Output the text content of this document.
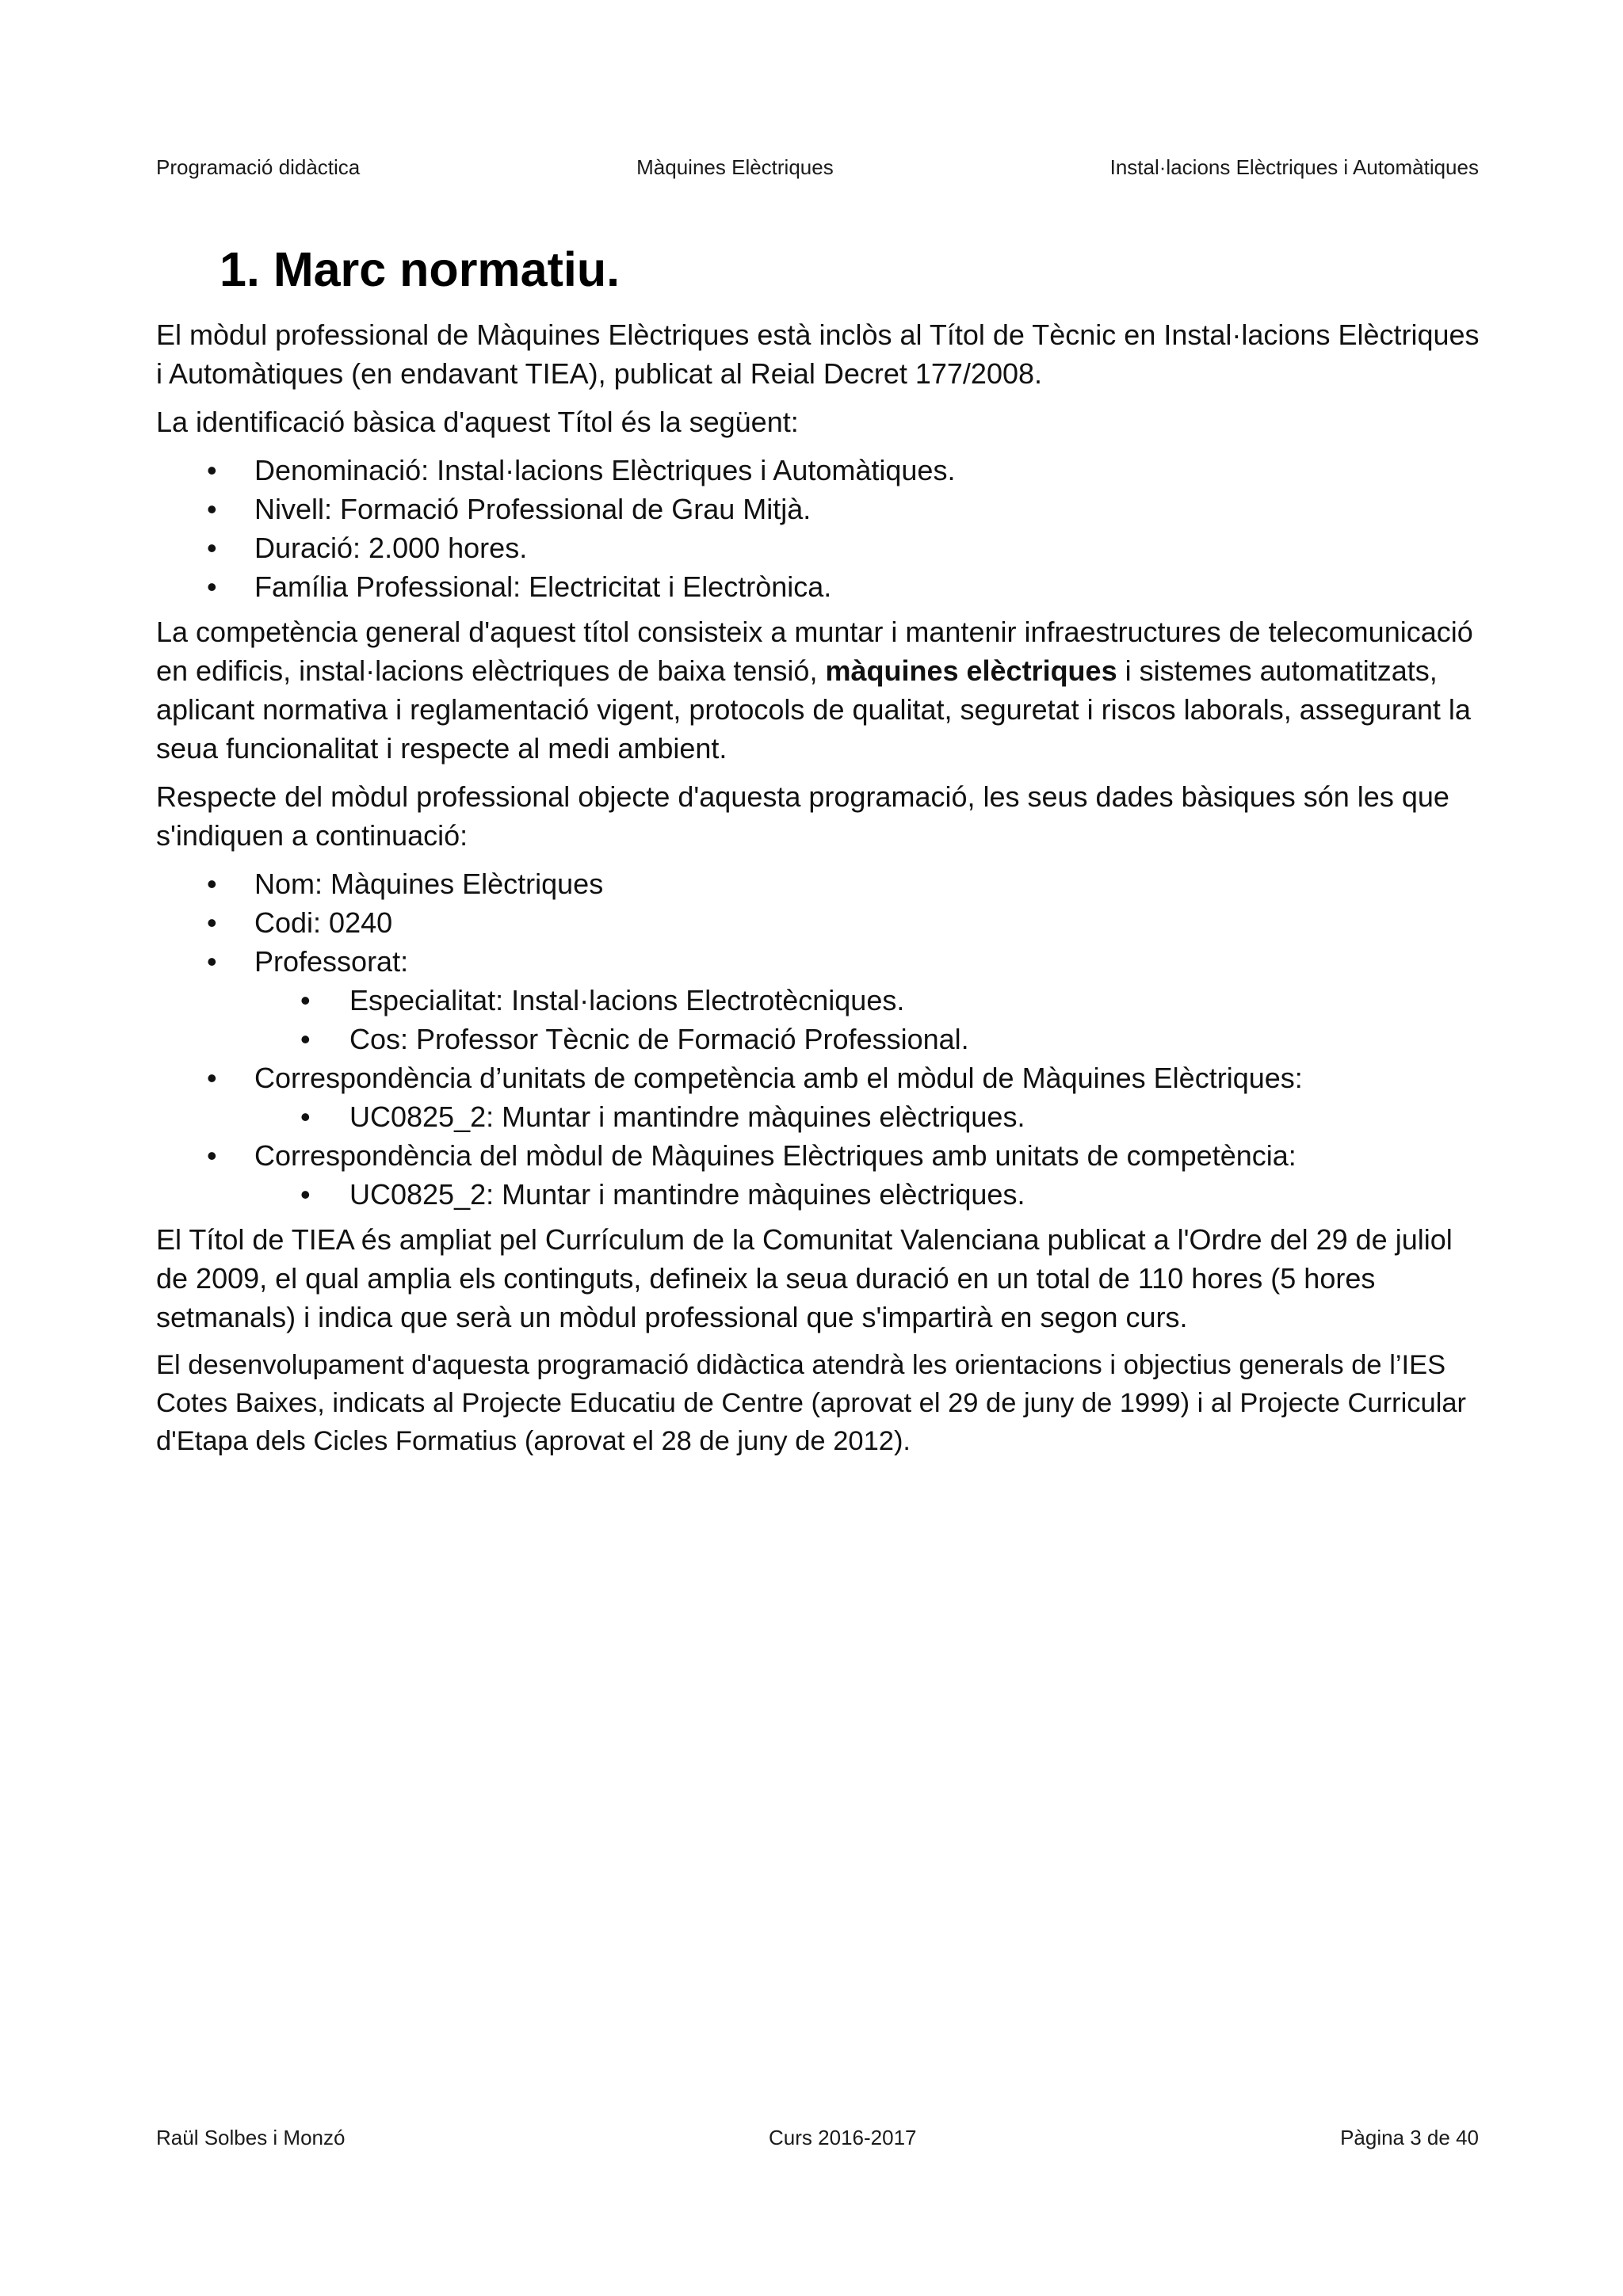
Programació didàctica	Màquines Elèctriques	Instal·lacions Elèctriques i Automàtiques
1. Marc normatiu.

El mòdul professional de Màquines Elèctriques està inclòs al Títol de Tècnic en Instal·lacions Elèctriques i Automàtiques (en endavant TIEA), publicat al Reial Decret 177/2008.

La identificació bàsica d'aquest Títol és la següent:

• Denominació: Instal·lacions Elèctriques i Automàtiques.
• Nivell: Formació Professional de Grau Mitjà.
• Duració: 2.000 hores.
• Família Professional: Electricitat i Electrònica.

La competència general d'aquest títol consisteix a muntar i mantenir infraestructures de telecomunicació en edificis, instal·lacions elèctriques de baixa tensió, màquines elèctriques i sistemes automatitzats, aplicant normativa i reglamentació vigent, protocols de qualitat, seguretat i riscos laborals, assegurant la seua funcionalitat i respecte al medi ambient.

Respecte del mòdul professional objecte d'aquesta programació, les seus dades bàsiques són les que s'indiquen a continuació:

• Nom: Màquines Elèctriques
• Codi: 0240
• Professorat:
• Especialitat: Instal·lacions Electrotècniques.
• Cos: Professor Tècnic de Formació Professional.
• Correspondència d’unitats de competència amb el mòdul de Màquines Elèctriques:
• UC0825_2: Muntar i mantindre màquines elèctriques.
• Correspondència del mòdul de Màquines Elèctriques amb unitats de competència:
• UC0825_2: Muntar i mantindre màquines elèctriques.

El Títol de TIEA és ampliat pel Currículum de la Comunitat Valenciana publicat a l'Ordre del 29 de juliol de 2009, el qual amplia els continguts, defineix la seua duració en un total de 110 hores (5 hores setmanals) i indica que serà un mòdul professional que s'impartirà en segon curs.

El desenvolupament d'aquesta programació didàctica atendrà les orientacions i objectius generals de l’IES Cotes Baixes, indicats al Projecte Educatiu de Centre (aprovat el 29 de juny de 1999) i al Projecte Curricular d'Etapa dels Cicles Formatius (aprovat el 28 de juny de 2012).

Raül Solbes i Monzó	Curs 2016-2017	Pàgina 3 de 40
